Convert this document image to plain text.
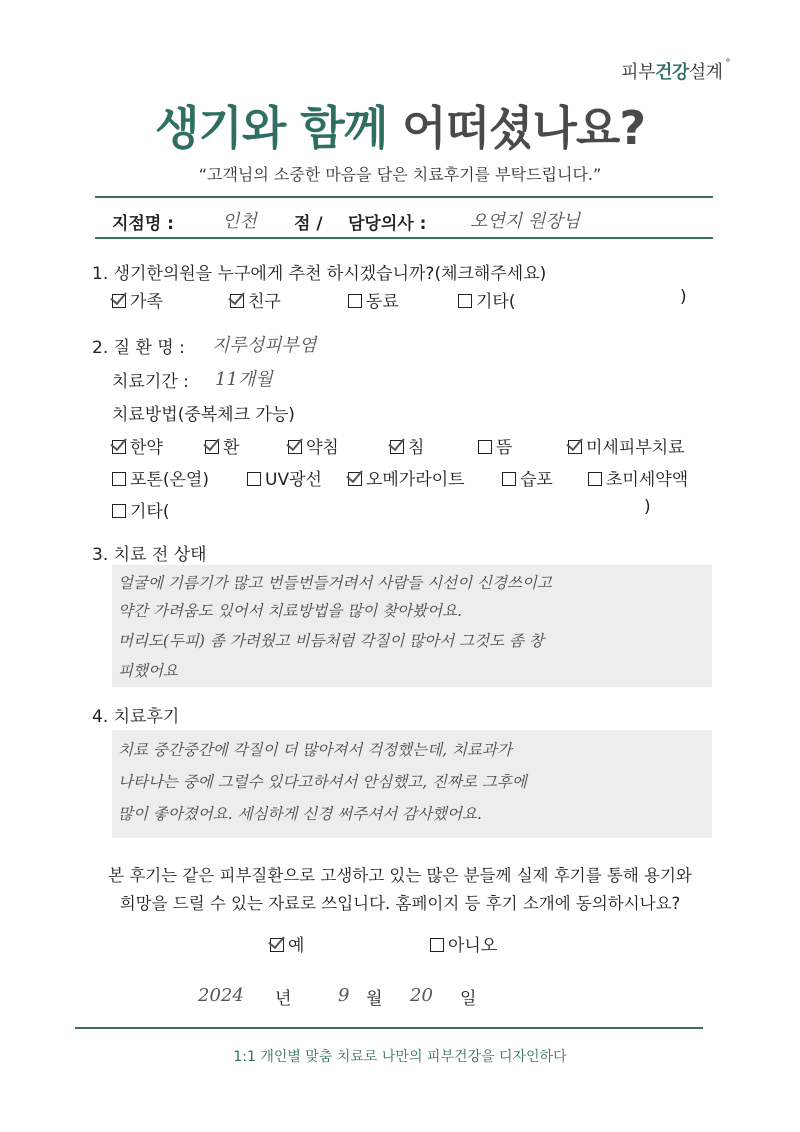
피부건강설계 °
생기와 함께 어떠셨나요?
“고객님의 소중한 마음을 담은 치료후기를 부탁드립니다.”
지점명 :	인천 점 / 담당의사 : 오연지 원장님
1. 생기한의원을 누구에게 추천 하시겠습니까?(체크해주세요)
가족	친구	동료	기타(	)
2. 질 환 명 : 지루성피부염
치료기간 : 11개월
치료방법(중복체크 가능)
한약	환	약침	침	뜸	미세피부치료
포톤(온열)	UV광선	오메가라이트	습포	초미세약액
기타(	)
3. 치료 전 상태
얼굴에 기름기가 많고 번들번들거려서 사람들 시선이 신경쓰이고
약간 가려움도 있어서 치료방법을 많이 찾아봤어요.
머리도(두피) 좀 가려웠고 비듬처럼 각질이 많아서 그것도 좀 창
피했어요
4. 치료후기
치료 중간중간에 각질이 더 많아져서 걱정했는데, 치료과가
나타나는 중에 그럴수 있다고하셔서 안심했고, 진짜로 그후에
많이 좋아졌어요. 세심하게 신경 써주셔서 감사했어요.
본 후기는 같은 피부질환으로 고생하고 있는 많은 분들께 실제 후기를 통해 용기와
희망을 드릴 수 있는 자료로 쓰입니다. 홈페이지 등 후기 소개에 동의하시나요?
예	아니오
2024 년	9 월 20 일
1:1 개인별 맞춤 치료로 나만의 피부건강을 디자인하다
